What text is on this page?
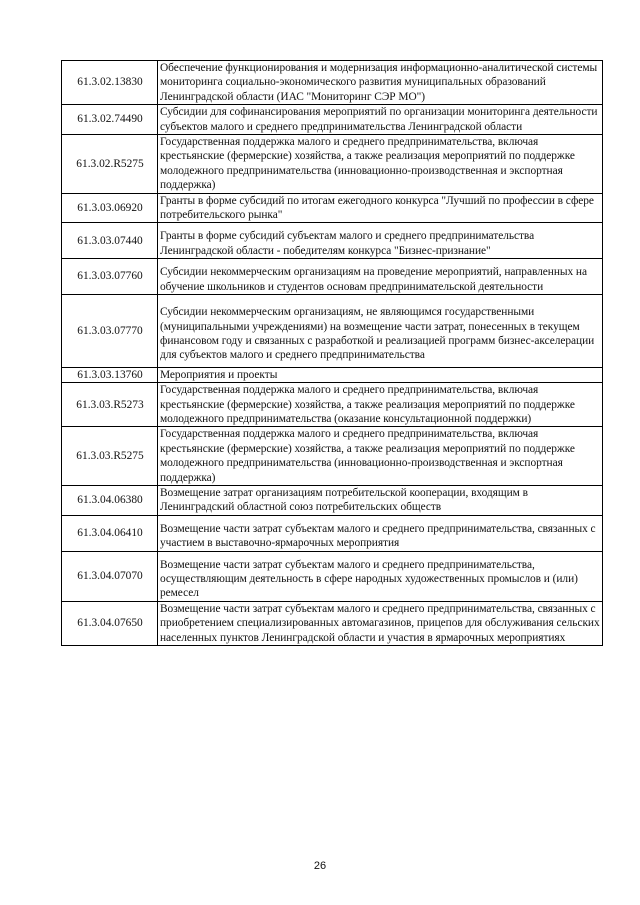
61.3.02.13830	Обеспечение функционирования и модернизация информационно-аналитической системы мониторинга социально-экономического развития муниципальных образований Ленинградской области (ИАС "Мониторинг СЭР МО")
61.3.02.74490	Субсидии для софинансирования мероприятий по организации мониторинга деятельности субъектов малого и среднего предпринимательства Ленинградской области
61.3.02.R5275	Государственная поддержка малого и среднего предпринимательства, включая крестьянские (фермерские) хозяйства, а также реализация мероприятий по поддержке молодежного предпринимательства (инновационно-производственная и экспортная поддержка)
61.3.03.06920	Гранты в форме субсидий по итогам ежегодного конкурса "Лучший по профессии в сфере потребительского рынка"
61.3.03.07440	Гранты в форме субсидий субъектам малого и среднего предпринимательства Ленинградской области - победителям конкурса "Бизнес-признание"
61.3.03.07760	Субсидии некоммерческим организациям на проведение мероприятий, направленных на обучение школьников и студентов основам предпринимательской деятельности
61.3.03.07770	Субсидии некоммерческим организациям, не являющимся государственными (муниципальными учреждениями) на возмещение части затрат, понесенных в текущем финансовом году и связанных с разработкой и реализацией программ бизнес-акселерации для субъектов малого и среднего предпринимательства
61.3.03.13760	Мероприятия и проекты
61.3.03.R5273	Государственная поддержка малого и среднего предпринимательства, включая крестьянские (фермерские) хозяйства, а также реализация мероприятий по поддержке молодежного предпринимательства (оказание консультационной поддержки)
61.3.03.R5275	Государственная поддержка малого и среднего предпринимательства, включая крестьянские (фермерские) хозяйства, а также реализация мероприятий по поддержке молодежного предпринимательства (инновационно-производственная и экспортная поддержка)
61.3.04.06380	Возмещение затрат организациям потребительской кооперации, входящим в Ленинградский областной союз потребительских обществ
61.3.04.06410	Возмещение части затрат субъектам малого и среднего предпринимательства, связанных с участием в выставочно-ярмарочных мероприятия
61.3.04.07070	Возмещение части затрат субъектам малого и среднего предпринимательства, осуществляющим деятельность в сфере народных художественных промыслов и (или) ремесел
61.3.04.07650	Возмещение части затрат субъектам малого и среднего предпринимательства, связанных с приобретением специализированных автомагазинов, прицепов для обслуживания сельских населенных пунктов Ленинградской области и участия в ярмарочных мероприятиях
26
